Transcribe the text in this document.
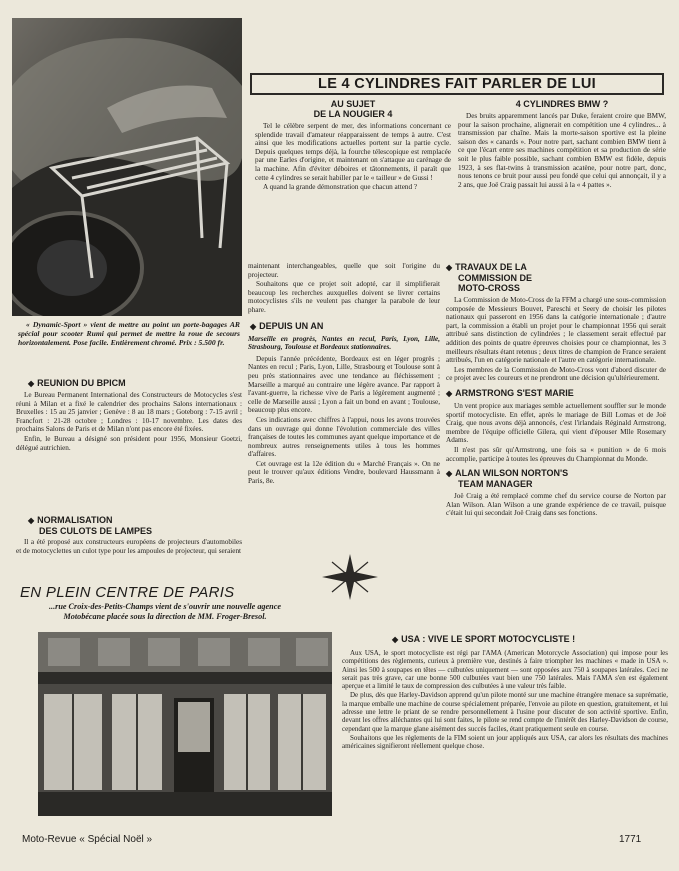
LE 4 CYLINDRES FAIT PARLER DE LUI
AU SUJET
DE LA NOUGIER 4

Tel le célèbre serpent de mer, des informations concernant ce splendide travail d'amateur réapparaissent de temps à autre. C'est ainsi que les modifications actuelles portent sur la partie cycle. Depuis quelques temps déjà, la fourche télescopique est remplacée par une Earles d'origine, et maintenant on s'attaque au carénage de la machine. Afin d'éviter déboires et tâtonnements, il paraît que cette 4 cylindres se serait habiller par le « tailleur » de Gussi !

A quand la grande démonstration que chacun attend ?

4 CYLINDRES BMW ?

Des bruits apparemment lancés par Duke, feraient croire que BMW, pour la saison prochaine, alignerait en compétition une 4 cylindres... à transmission par chaîne. Mais la morte-saison sportive est la pleine saison des « canards ». Pour notre part, sachant combien BMW tient à ce que l'écart entre ses machines compétition et sa production de série soit le plus faible possible, sachant combien BMW est fidèle, depuis 1923, à ses flat-twins à transmission acatène, pour notre part, donc, nous tenons ce bruit pour aussi peu fondé que celui qui annonçait, il y a 2 ans, que Joë Craig passait lui aussi à la « 4 pattes ».

« Dynamic-Sport » vient de mettre au point un porte-bagages AR spécial pour scooter Rumi qui permet de mettre la roue de secours horizontalement. Pose facile. Entièrement chromé. Prix : 5.500 fr.

◆ REUNION DU BPICM

Le Bureau Permanent International des Constructeurs de Motocycles s'est réuni à Milan et a fixé le calendrier des prochains Salons internationaux : Bruxelles : 15 au 25 janvier ; Genève : 8 au 18 mars ; Goteborg : 7-15 avril ; Francfort : 21-28 octobre ; Londres : 10-17 novembre. Les dates des prochains Salons de Paris et de Milan n'ont pas encore été fixées.

Enfin, le Bureau a désigné son président pour 1956, Monsieur Goetzi, délégué autrichien.

◆ NORMALISATION
DES CULOTS DE LAMPES

Il a été proposé aux constructeurs européens de projecteurs d'automobiles et de motocyclettes un culot type pour les ampoules de projecteur, qui seraient

maintenant interchangeables, quelle que soit l'origine du projecteur.

Souhaitons que ce projet soit adopté, car il simplifierait beaucoup les recherches auxquelles doivent se livrer certains motocyclistes s'ils ne veulent pas changer la parabole de leur phare.

◆ DEPUIS UN AN

Marseille en progrès, Nantes en recul, Paris, Lyon, Lille, Strasbourg, Toulouse et Bordeaux stationnaires.

Depuis l'année précédente, Bordeaux est en léger progrès ; Nantes en recul ; Paris, Lyon, Lille, Strasbourg et Toulouse sont à peu près stationnaires avec une tendance au fléchissement ; Marseille a marqué au contraire une légère avance. Par rapport à l'avant-guerre, la richesse vive de Paris a légèrement augmenté ; celle de Marseille aussi ; Lyon a fait un bond en avant ; Toulouse, beaucoup plus encore.

Ces indications avec chiffres à l'appui, nous les avons trouvées dans un ouvrage qui donne l'évolution commerciale des villes françaises de toutes les communes ayant quelque importance et de nombreux autres renseignements utiles à tous les hommes d'affaires.

Cet ouvrage est la 12e édition du « Marché Français ». On ne peut le trouver qu'aux éditions Vendre, boulevard Haussmann à Paris, 8e.

◆ TRAVAUX DE LA
COMMISSION DE
MOTO-CROSS

La Commission de Moto-Cross de la FFM a chargé une sous-commission composée de Messieurs Bouvet, Pareschi et Seery de choisir les pilotes nationaux qui passeront en 1956 dans la catégorie internationale ; d'autre part, la commission a établi un projet pour le championnat 1956 qui serait attribué sans distinction de cylindrées ; le classement serait effectué par addition des points de quatre épreuves choisies pour ce championnat, les 3 meilleurs résultats étant retenus ; deux titres de champion de France seraient attribués, l'un en catégorie nationale et l'autre en catégorie internationale.

Les membres de la Commission de Moto-Cross vont d'abord discuter de ce projet avec les coureurs et ne prendront une décision qu'ultérieurement.

◆ ARMSTRONG S'EST MARIE

Un vent propice aux mariages semble actuellement souffler sur le monde sportif motocycliste. En effet, après le mariage de Bill Lomas et de Joë Craig, que nous avons déjà annoncés, c'est l'irlandais Réginald Armstrong, membre de l'équipe officielle Gilera, qui vient d'épouser Mlle Rosemary Adams.

Il n'est pas sûr qu'Armstrong, une fois sa « punition » de 6 mois accomplie, participe à toutes les épreuves du Championnat du Monde.

◆ ALAN WILSON NORTON'S
TEAM MANAGER

Joë Craig a été remplacé comme chef du service course de Norton par Alan Wilson. Alan Wilson a une grande expérience de ce travail, puisque c'était lui qui secondait Joë Craig dans ses fonctions.

EN PLEIN CENTRE DE PARIS

...rue Croix-des-Petits-Champs vient de s'ouvrir une nouvelle agence Motobécane placée sous la direction de MM. Froger-Bresol.

◆ USA : VIVE LE SPORT MOTOCYCLISTE !

Aux USA, le sport motocycliste est régi par l'AMA (American Motorcycle Association) qui impose pour les compétitions des règlements, curieux à première vue, destinés à faire triompher les machines « made in USA ». Ainsi les 500 à soupapes en têtes — culbutées uniquement — sont opposées aux 750 à soupapes latérales. Ceci ne serait pas très grave, car une bonne 500 culbutées vaut bien une 750 latérales. Mais l'AMA s'en est également aperçue et a limité le taux de compression des culbutées à une valeur très faible.

De plus, dès que Harley-Davidson apprend qu'un pilote monté sur une machine étrangère menace sa suprématie, la marque emballe une machine de course spécialement préparée, l'envoie au pilote en question, gratuitement, et lui adresse une lettre le priant de se rendre personnellement à l'usine pour discuter de son activité sportive. Enfin, devant les offres alléchantes qui lui sont faites, le pilote se rend compte de l'intérêt des Harley-Davidson de course, cependant que la marque glane aisément des succès faciles, étant pratiquement seule en course.

Souhaitons que les règlements de la FIM soient un jour appliqués aux USA, car alors les résultats des machines américaines signifieront réellement quelque chose.

Moto-Revue « Spécial Noël »	1771
